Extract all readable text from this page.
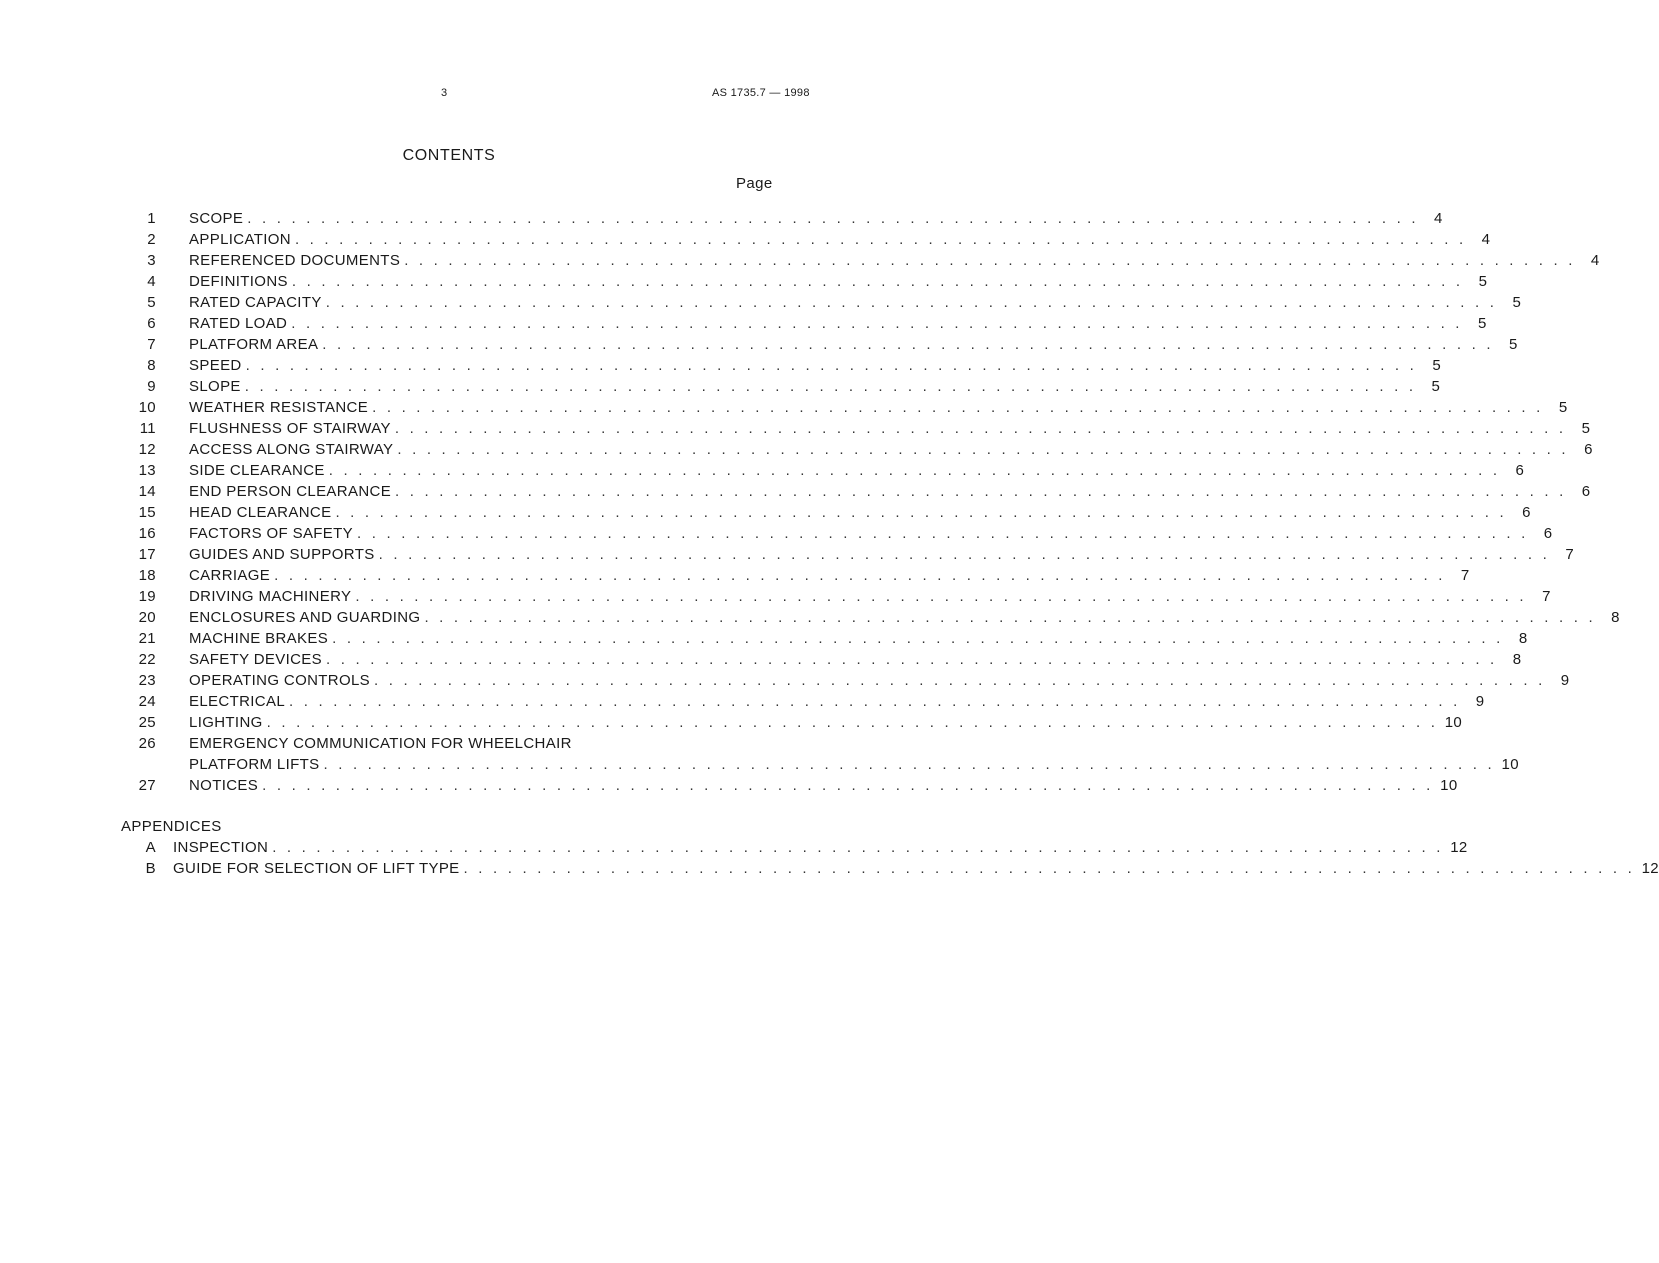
3	AS 1735.7 — 1998
CONTENTS
Page
1 SCOPE . . . . . . . . . . . . . . . . . . . . . . . . . . . . . . . . . . . . . . . . . . . . . . . . . . . . . . . . . . . . . . . . . . . . . . . . . . . . . . . .	4
2 APPLICATION . . . . . . . . . . . . . . . . . . . . . . . . . . . . . . . . . . . . . . . . . . . . . . . . . . . . . . . . . . . . . . . . . . . . . . . . . . . . . . . .	4
3 REFERENCED DOCUMENTS . . . . . . . . . . . . . . . . . . . . . . . . . . . . . . . . . . . . . . . . . . . . . . . . . . . . . . . . . . . . . . . . . . . . . . . . . . . . . . . .	4
4 DEFINITIONS . . . . . . . . . . . . . . . . . . . . . . . . . . . . . . . . . . . . . . . . . . . . . . . . . . . . . . . . . . . . . . . . . . . . . . . . . . . . . . . .	5
5 RATED CAPACITY . . . . . . . . . . . . . . . . . . . . . . . . . . . . . . . . . . . . . . . . . . . . . . . . . . . . . . . . . . . . . . . . . . . . . . . . . . . . . . . .	5
6 RATED LOAD . . . . . . . . . . . . . . . . . . . . . . . . . . . . . . . . . . . . . . . . . . . . . . . . . . . . . . . . . . . . . . . . . . . . . . . . . . . . . . . .	5
7 PLATFORM AREA . . . . . . . . . . . . . . . . . . . . . . . . . . . . . . . . . . . . . . . . . . . . . . . . . . . . . . . . . . . . . . . . . . . . . . . . . . . . . . . .	5
8 SPEED . . . . . . . . . . . . . . . . . . . . . . . . . . . . . . . . . . . . . . . . . . . . . . . . . . . . . . . . . . . . . . . . . . . . . . . . . . . . . . . .	5
9 SLOPE . . . . . . . . . . . . . . . . . . . . . . . . . . . . . . . . . . . . . . . . . . . . . . . . . . . . . . . . . . . . . . . . . . . . . . . . . . . . . . . .	5
10 WEATHER RESISTANCE . . . . . . . . . . . . . . . . . . . . . . . . . . . . . . . . . . . . . . . . . . . . . . . . . . . . . . . . . . . . . . . . . . . . . . . . . . . . . . . .	5
11 FLUSHNESS OF STAIRWAY . . . . . . . . . . . . . . . . . . . . . . . . . . . . . . . . . . . . . . . . . . . . . . . . . . . . . . . . . . . . . . . . . . . . . . . . . . . . . . . .	5
12 ACCESS ALONG STAIRWAY . . . . . . . . . . . . . . . . . . . . . . . . . . . . . . . . . . . . . . . . . . . . . . . . . . . . . . . . . . . . . . . . . . . . . . . . . . . . . . . .	6
13 SIDE CLEARANCE . . . . . . . . . . . . . . . . . . . . . . . . . . . . . . . . . . . . . . . . . . . . . . . . . . . . . . . . . . . . . . . . . . . . . . . . . . . . . . . .	6
14 END PERSON CLEARANCE . . . . . . . . . . . . . . . . . . . . . . . . . . . . . . . . . . . . . . . . . . . . . . . . . . . . . . . . . . . . . . . . . . . . . . . . . . . . . . . .	6
15 HEAD CLEARANCE . . . . . . . . . . . . . . . . . . . . . . . . . . . . . . . . . . . . . . . . . . . . . . . . . . . . . . . . . . . . . . . . . . . . . . . . . . . . . . . .	6
16 FACTORS OF SAFETY . . . . . . . . . . . . . . . . . . . . . . . . . . . . . . . . . . . . . . . . . . . . . . . . . . . . . . . . . . . . . . . . . . . . . . . . . . . . . . . .	6
17 GUIDES AND SUPPORTS . . . . . . . . . . . . . . . . . . . . . . . . . . . . . . . . . . . . . . . . . . . . . . . . . . . . . . . . . . . . . . . . . . . . . . . . . . . . . . . .	7
18 CARRIAGE . . . . . . . . . . . . . . . . . . . . . . . . . . . . . . . . . . . . . . . . . . . . . . . . . . . . . . . . . . . . . . . . . . . . . . . . . . . . . . . .	7
19 DRIVING MACHINERY . . . . . . . . . . . . . . . . . . . . . . . . . . . . . . . . . . . . . . . . . . . . . . . . . . . . . . . . . . . . . . . . . . . . . . . . . . . . . . . .	7
20 ENCLOSURES AND GUARDING . . . . . . . . . . . . . . . . . . . . . . . . . . . . . . . . . . . . . . . . . . . . . . . . . . . . . . . . . . . . . . . . . . . . . . . . . . . . . . . .	8
21 MACHINE BRAKES . . . . . . . . . . . . . . . . . . . . . . . . . . . . . . . . . . . . . . . . . . . . . . . . . . . . . . . . . . . . . . . . . . . . . . . . . . . . . . . .	8
22 SAFETY DEVICES . . . . . . . . . . . . . . . . . . . . . . . . . . . . . . . . . . . . . . . . . . . . . . . . . . . . . . . . . . . . . . . . . . . . . . . . . . . . . . . .	8
23 OPERATING CONTROLS . . . . . . . . . . . . . . . . . . . . . . . . . . . . . . . . . . . . . . . . . . . . . . . . . . . . . . . . . . . . . . . . . . . . . . . . . . . . . . . .	9
24 ELECTRICAL . . . . . . . . . . . . . . . . . . . . . . . . . . . . . . . . . . . . . . . . . . . . . . . . . . . . . . . . . . . . . . . . . . . . . . . . . . . . . . . .	9
25 LIGHTING . . . . . . . . . . . . . . . . . . . . . . . . . . . . . . . . . . . . . . . . . . . . . . . . . . . . . . . . . . . . . . . . . . . . . . . . . . . . . . . . 10
26 EMERGENCY COMMUNICATION FOR WHEELCHAIR
PLATFORM LIFTS . . . . . . . . . . . . . . . . . . . . . . . . . . . . . . . . . . . . . . . . . . . . . . . . . . . . . . . . . . . . . . . . . . . . . . . . . . . . . . . . 10
27 NOTICES . . . . . . . . . . . . . . . . . . . . . . . . . . . . . . . . . . . . . . . . . . . . . . . . . . . . . . . . . . . . . . . . . . . . . . . . . . . . . . . . 10
APPENDICES
A INSPECTION . . . . . . . . . . . . . . . . . . . . . . . . . . . . . . . . . . . . . . . . . . . . . . . . . . . . . . . . . . . . . . . . . . . . . . . . . . . . . . . . 12
B GUIDE FOR SELECTION OF LIFT TYPE . . . . . . . . . . . . . . . . . . . . . . . . . . . . . . . . . . . . . . . . . . . . . . . . . . . . . . . . . . . . . . . . . . . . . . . . . . . . . . . . 12
